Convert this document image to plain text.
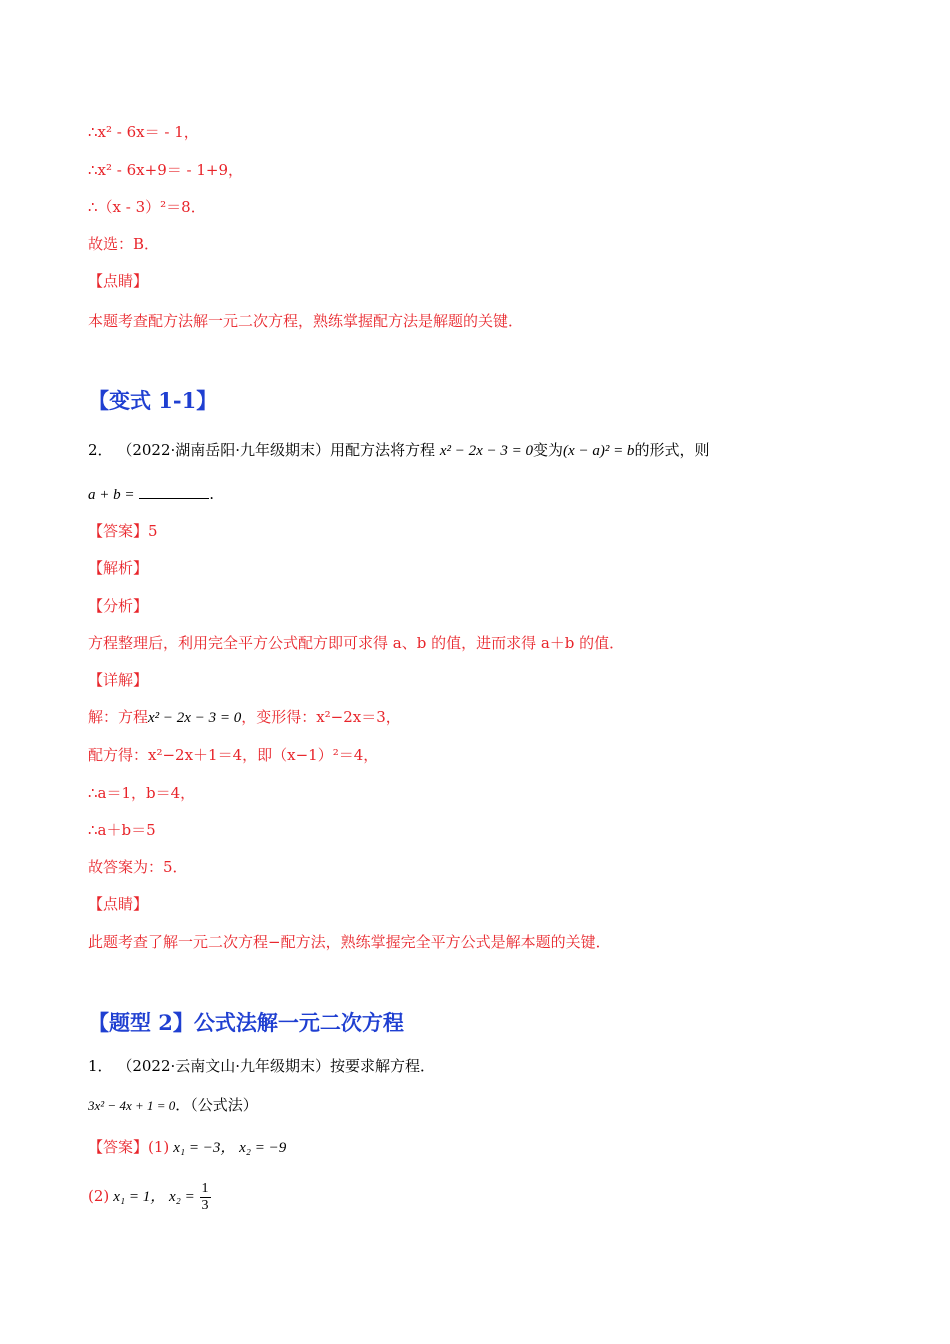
∴x² - 6x＝ - 1，
∴x² - 6x+9＝ - 1+9，
∴（x - 3）²＝8．
故选：B．
【点睛】
本题考查配方法解一元二次方程，熟练掌握配方法是解题的关键．
【变式 1-1】
2． （2022·湖南岳阳·九年级期末）用配方法将方程 x² − 2x − 3 = 0变为(x − a)² = b的形式，则
a + b =	.
【答案】5
【解析】
【分析】
方程整理后，利用完全平方公式配方即可求得 a、b 的值，进而求得 a＋b 的值．
【详解】
解：方程x² − 2x − 3 = 0，变形得：x²−2x＝3，
配方得：x²−2x＋1＝4，即（x−1）²＝4，
∴a＝1，b＝4，
∴a＋b＝5
故答案为：5．
【点睛】
此题考查了解一元二次方程−配方法，熟练掌握完全平方公式是解本题的关键．
【题型 2】公式法解一元二次方程
1． （2022·云南文山·九年级期末）按要求解方程．
3x² − 4x + 1 = 0．（公式法）
【答案】(1) x₁ = −3， x₂ = −9
(2) x₁ = 1， $x_2 = \frac{1}{3}$
